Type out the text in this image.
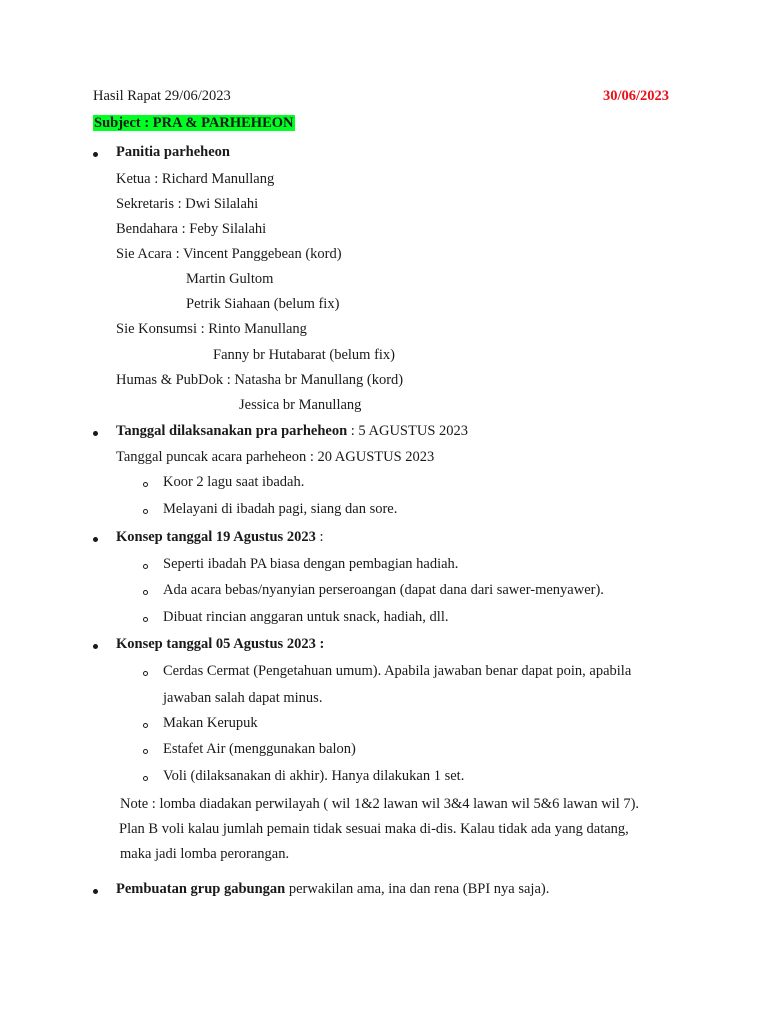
Hasil Rapat 29/06/2023	30/06/2023
Subject : PRA & PARHEHEON
Panitia parheheon
Ketua : Richard Manullang
Sekretaris : Dwi Silalahi
Bendahara : Feby Silalahi
Sie Acara : Vincent Panggebean (kord)
Martin Gultom
Petrik Siahaan (belum fix)
Sie Konsumsi : Rinto Manullang
Fanny br Hutabarat (belum fix)
Humas & PubDok : Natasha br Manullang (kord)
Jessica br Manullang
Tanggal dilaksanakan pra parheheon : 5 AGUSTUS 2023
Tanggal puncak acara parheheon : 20 AGUSTUS 2023
Koor 2 lagu saat ibadah.
Melayani di ibadah pagi, siang dan sore.
Konsep tanggal 19 Agustus 2023 :
Seperti ibadah PA biasa dengan pembagian hadiah.
Ada acara bebas/nyanyian perseroangan (dapat dana dari sawer-menyawer).
Dibuat rincian anggaran untuk snack, hadiah, dll.
Konsep tanggal 05 Agustus 2023 :
Cerdas Cermat (Pengetahuan umum). Apabila jawaban benar dapat poin, apabila
jawaban salah dapat minus.
Makan Kerupuk
Estafet Air (menggunakan balon)
Voli (dilaksanakan di akhir). Hanya dilakukan 1 set.
Note : lomba diadakan perwilayah ( wil 1&2 lawan wil 3&4 lawan wil 5&6 lawan wil 7).
Plan B voli kalau jumlah pemain tidak sesuai maka di-dis. Kalau tidak ada yang datang,
maka jadi lomba perorangan.
Pembuatan grup gabungan perwakilan ama, ina dan rena (BPI nya saja).
